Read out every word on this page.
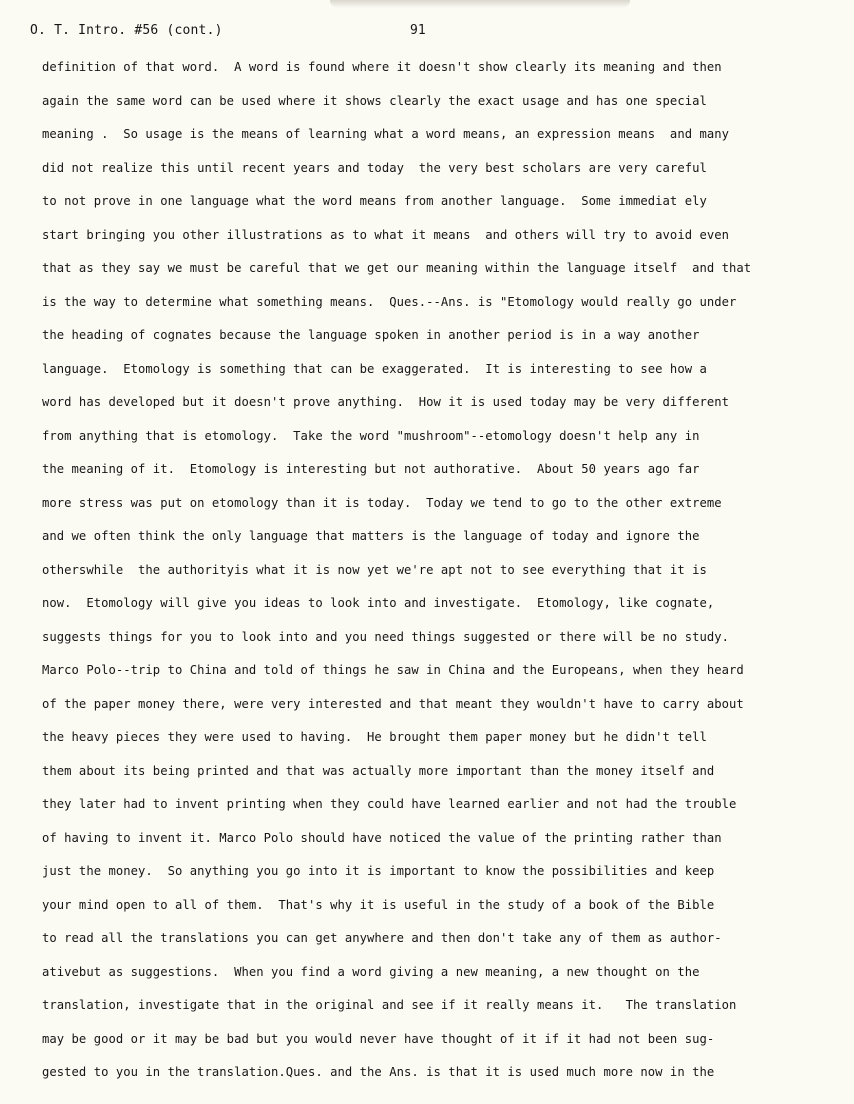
O. T. Intro. #56 (cont.)	91
definition of that word.  A word is found where it doesn't show clearly its meaning and then
again the same word can be used where it shows clearly the exact usage and has one special
meaning .  So usage is the means of learning what a word means, an expression means  and many
did not realize this until recent years and today  the very best scholars are very careful
to not prove in one language what the word means from another language.  Some immediat ely
start bringing you other illustrations as to what it means  and others will try to avoid even
that as they say we must be careful that we get our meaning within the language itself  and that
is the way to determine what something means.  Ques.--Ans. is "Etomology would really go under
the heading of cognates because the language spoken in another period is in a way another
language.  Etomology is something that can be exaggerated.  It is interesting to see how a
word has developed but it doesn't prove anything.  How it is used today may be very different
from anything that is etomology.  Take the word "mushroom"--etomology doesn't help any in
the meaning of it.  Etomology is interesting but not authorative.  About 50 years ago far
more stress was put on etomology than it is today.  Today we tend to go to the other extreme
and we often think the only language that matters is the language of today and ignore the
otherswhile  the authorityis what it is now yet we're apt not to see everything that it is
now.  Etomology will give you ideas to look into and investigate.  Etomology, like cognate,
suggests things for you to look into and you need things suggested or there will be no study.
Marco Polo--trip to China and told of things he saw in China and the Europeans, when they heard
of the paper money there, were very interested and that meant they wouldn't have to carry about
the heavy pieces they were used to having.  He brought them paper money but he didn't tell
them about its being printed and that was actually more important than the money itself and
they later had to invent printing when they could have learned earlier and not had the trouble
of having to invent it. Marco Polo should have noticed the value of the printing rather than
just the money.  So anything you go into it is important to know the possibilities and keep
your mind open to all of them.  That's why it is useful in the study of a book of the Bible
to read all the translations you can get anywhere and then don't take any of them as author-
ativebut as suggestions.  When you find a word giving a new meaning, a new thought on the
translation, investigate that in the original and see if it really means it.   The translation
may be good or it may be bad but you would never have thought of it if it had not been sug-
gested to you in the translation.Ques. and the Ans. is that it is used much more now in the
